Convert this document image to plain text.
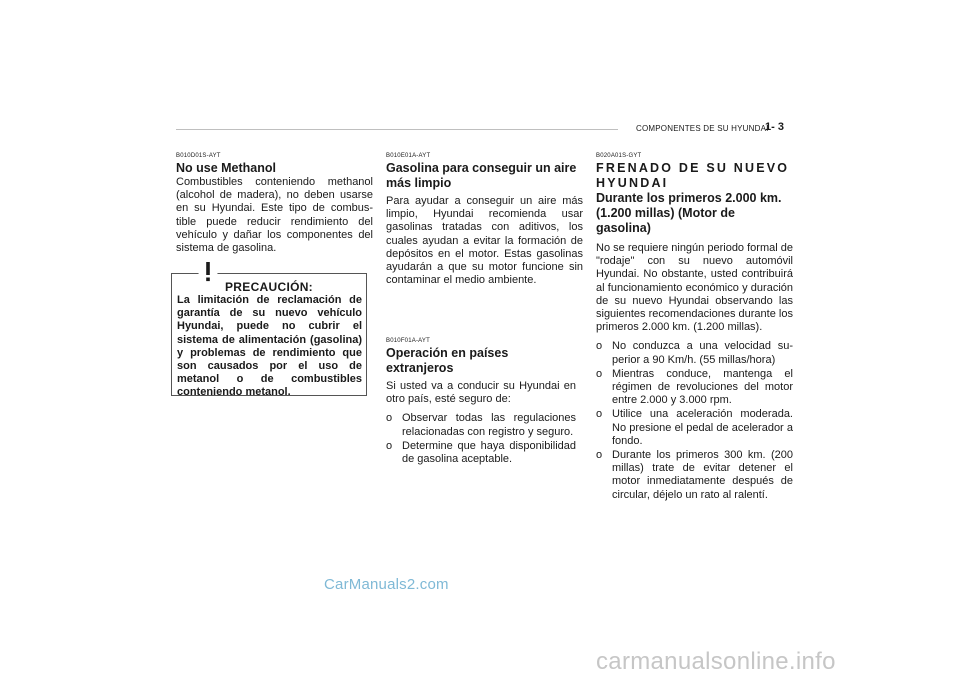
COMPONENTES DE SU HYUNDAI
1- 3
B010D01S-AYT
No use Methanol
Combustibles conteniendo methanol (alcohol de madera), no deben usarse en su Hyundai. Este tipo de combus- tible puede reducir rendimiento del vehículo y dañar los componentes del sistema de gasolina.
PRECAUCIÓN:
La limitación de reclamación de garantía de su nuevo vehículo Hyundai, puede no cubrir el sistema de alimentación (gasolina) y problemas de rendimiento que son causados por el uso de metanol o de combustibles conteniendo metanol.
B010E01A-AYT
Gasolina para conseguir un aire más limpio
Para ayudar a conseguir un aire más limpio, Hyundai recomienda usar gasolinas tratadas con aditivos, los cuales ayudan a evitar la formación de depósitos en el motor. Estas gasolinas ayudarán a que su motor funcione sin contaminar el medio ambiente.
B010F01A-AYT
Operación en países extranjeros
Si usted va a conducir su Hyundai en otro país, esté seguro de:
o Observar todas las regulaciones relacionadas con registro y seguro.
o Determine que haya disponibilidad de gasolina aceptable.
B020A01S-GYT
FRENADO DE SU NUEVO HYUNDAI
Durante los primeros 2.000 km. (1.200 millas) (Motor de gasolina)
No se requiere ningún periodo formal de "rodaje" con su nuevo automóvil Hyundai. No obstante, usted contribuirá al funcionamiento económico y duración de su nuevo Hyundai observando las siguientes recomendaciones durante los primeros 2.000 km. (1.200 millas).
o No conduzca a una velocidad su- perior a 90 Km/h. (55 millas/hora)
o Mientras conduce, mantenga el régimen de revoluciones del motor entre 2.000 y 3.000 rpm.
o Utilice una aceleración moderada. No presione el pedal de acelerador a fondo.
o Durante los primeros 300 km. (200 millas) trate de evitar detener el motor inmediatamente después de circular, déjelo un rato al ralentí.
CarManuals2.com
carmanualsonline.info
